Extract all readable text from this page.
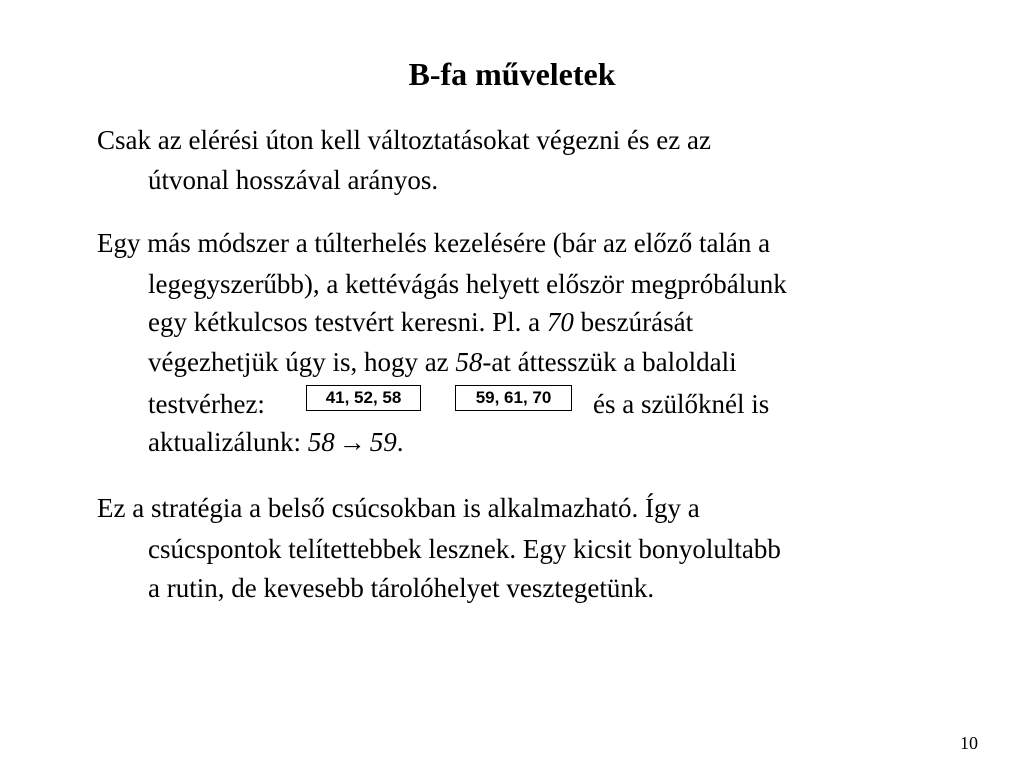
B-fa műveletek
Csak az elérési úton kell változtatásokat végezni és ez az
útvonal hosszával arányos.
Egy más módszer a túlterhelés kezelésére (bár az előző talán a
legegyszerűbb), a kettévágás helyett először megpróbálunk
egy kétkulcsos testvért keresni. Pl. a 70 beszúrását
végezhetjük úgy is, hogy az 58-at áttesszük a baloldali
testvérhez:	41, 52, 58	59, 61, 70	és a szülőknél is
aktualizálunk: 58 → 59.
Ez a stratégia a belső csúcsokban is alkalmazható. Így a
csúcspontok telítettebbek lesznek. Egy kicsit bonyolultabb
a rutin, de kevesebb tárolóhelyet vesztegetünk.
10
